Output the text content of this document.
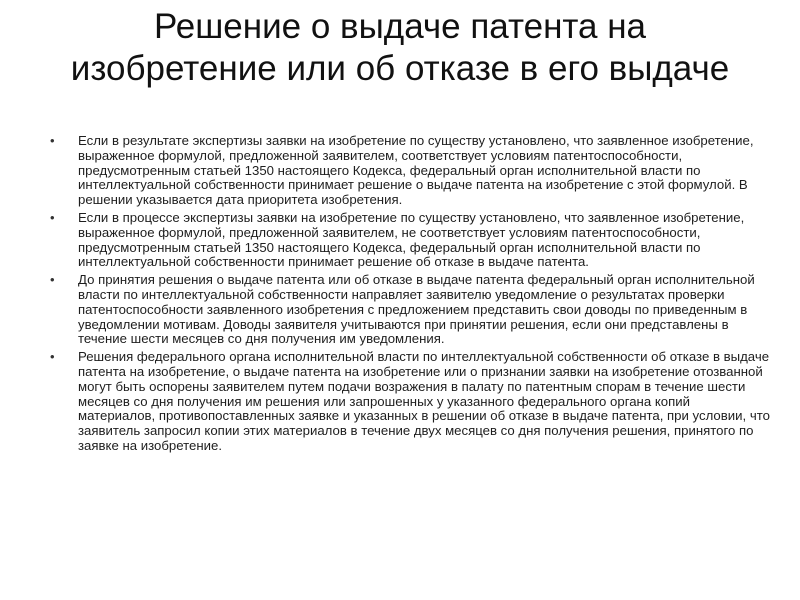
Решение о выдаче патента на изобретение или об отказе в его выдаче
• Если в результате экспертизы заявки на изобретение по существу установлено, что заявленное изобретение, выраженное формулой, предложенной заявителем, соответствует условиям патентоспособности, предусмотренным статьей 1350 настоящего Кодекса, федеральный орган исполнительной власти по интеллектуальной собственности принимает решение о выдаче патента на изобретение с этой формулой. В решении указывается дата приоритета изобретения.
• Если в процессе экспертизы заявки на изобретение по существу установлено, что заявленное изобретение, выраженное формулой, предложенной заявителем, не соответствует условиям патентоспособности, предусмотренным статьей 1350 настоящего Кодекса, федеральный орган исполнительной власти по интеллектуальной собственности принимает решение об отказе в выдаче патента.
• До принятия решения о выдаче патента или об отказе в выдаче патента федеральный орган исполнительной власти по интеллектуальной собственности направляет заявителю уведомление о результатах проверки патентоспособности заявленного изобретения с предложением представить свои доводы по приведенным в уведомлении мотивам. Доводы заявителя учитываются при принятии решения, если они представлены в течение шести месяцев со дня получения им уведомления.
• Решения федерального органа исполнительной власти по интеллектуальной собственности об отказе в выдаче патента на изобретение, о выдаче патента на изобретение или о признании заявки на изобретение отозванной могут быть оспорены заявителем путем подачи возражения в палату по патентным спорам в течение шести месяцев со дня получения им решения или запрошенных у указанного федерального органа копий материалов, противопоставленных заявке и указанных в решении об отказе в выдаче патента, при условии, что заявитель запросил копии этих материалов в течение двух месяцев со дня получения решения, принятого по заявке на изобретение.
